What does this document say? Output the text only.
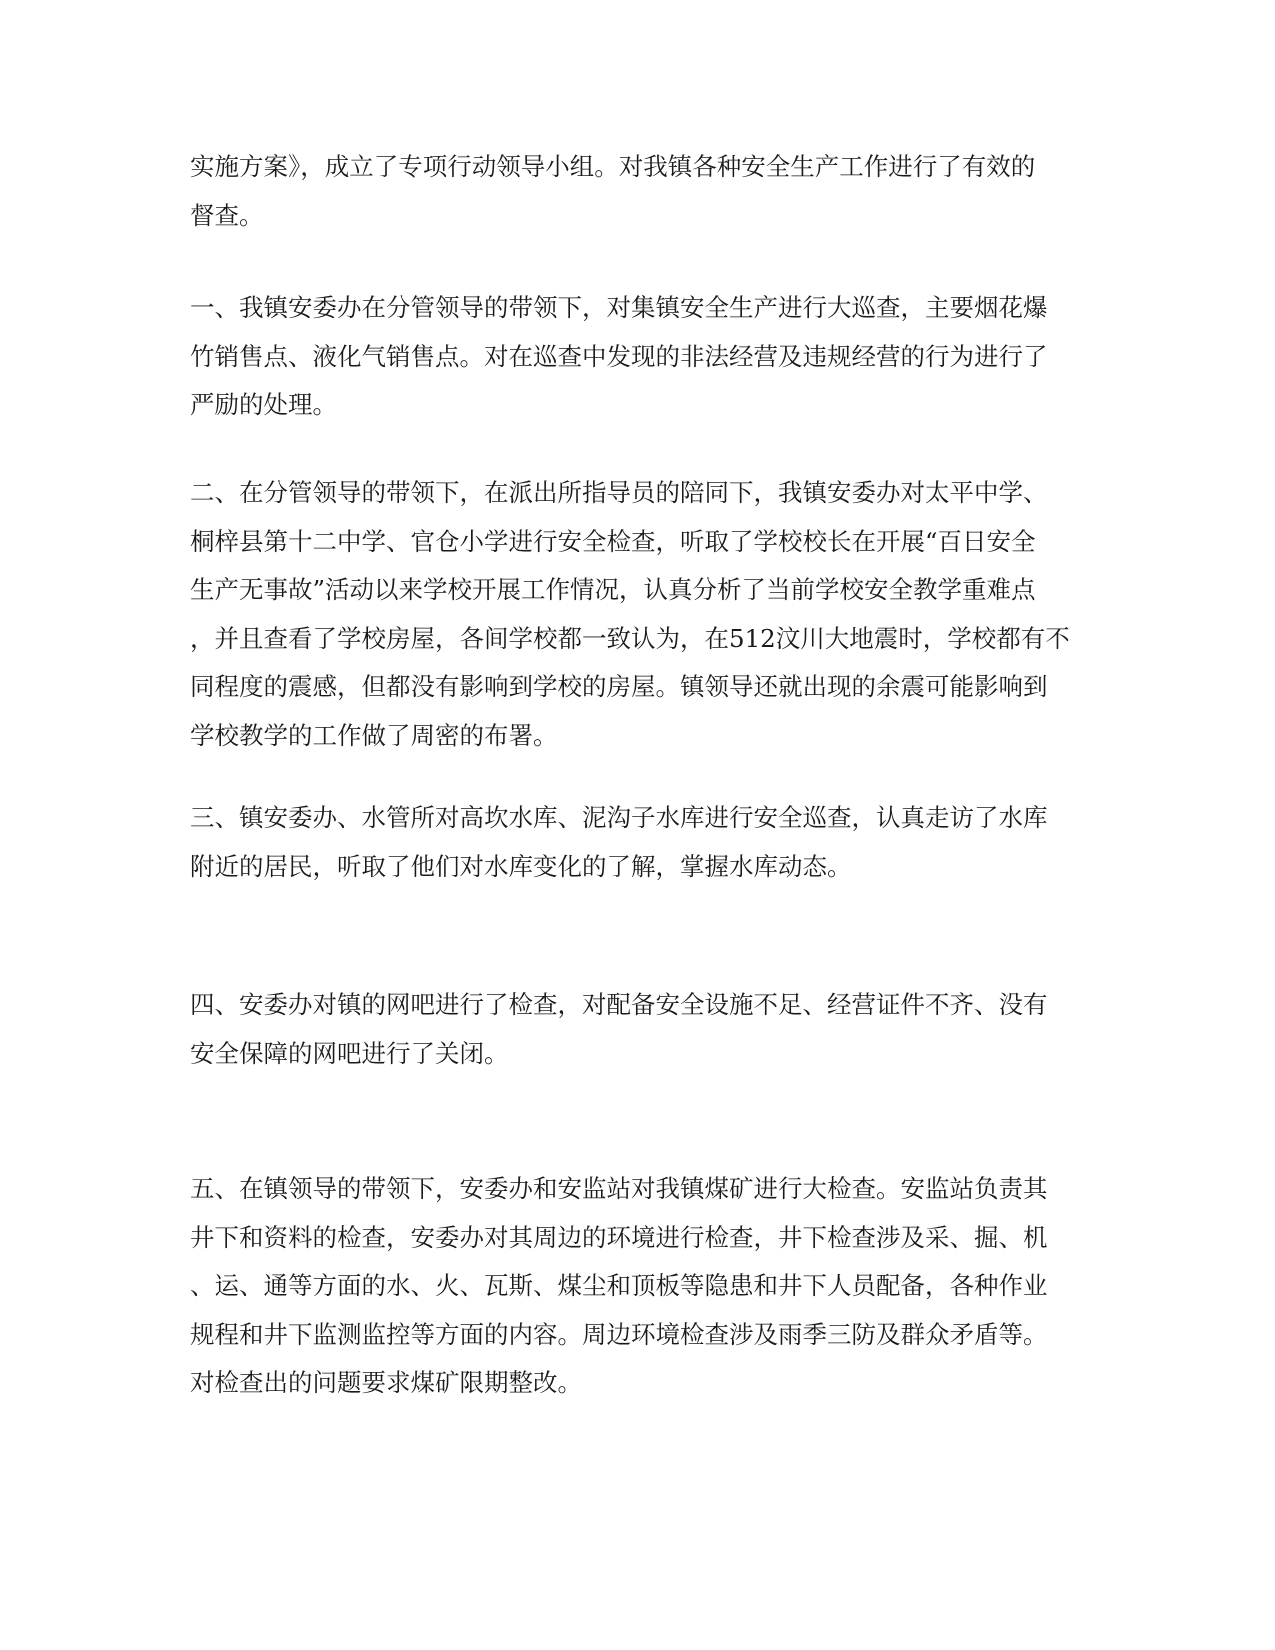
实施方案》，成立了专项行动领导小组。对我镇各种安全生产工作进行了有效的
督查。

一、我镇安委办在分管领导的带领下，对集镇安全生产进行大巡查，主要烟花爆
竹销售点、液化气销售点。对在巡查中发现的非法经营及违规经营的行为进行了
严励的处理。

二、在分管领导的带领下，在派出所指导员的陪同下，我镇安委办对太平中学、
桐梓县第十二中学、官仓小学进行安全检查，听取了学校校长在开展“百日安全
生产无事故”活动以来学校开展工作情况，认真分析了当前学校安全教学重难点
，并且查看了学校房屋，各间学校都一致认为，在512汶川大地震时，学校都有不
同程度的震感，但都没有影响到学校的房屋。镇领导还就出现的余震可能影响到
学校教学的工作做了周密的布署。

三、镇安委办、水管所对高坎水库、泥沟子水库进行安全巡查，认真走访了水库
附近的居民，听取了他们对水库变化的了解，掌握水库动态。

四、安委办对镇的网吧进行了检查，对配备安全设施不足、经营证件不齐、没有
安全保障的网吧进行了关闭。

五、在镇领导的带领下，安委办和安监站对我镇煤矿进行大检查。安监站负责其
井下和资料的检查，安委办对其周边的环境进行检查，井下检查涉及采、掘、机
、运、通等方面的水、火、瓦斯、煤尘和顶板等隐患和井下人员配备，各种作业
规程和井下监测监控等方面的内容。周边环境检查涉及雨季三防及群众矛盾等。
对检查出的问题要求煤矿限期整改。
